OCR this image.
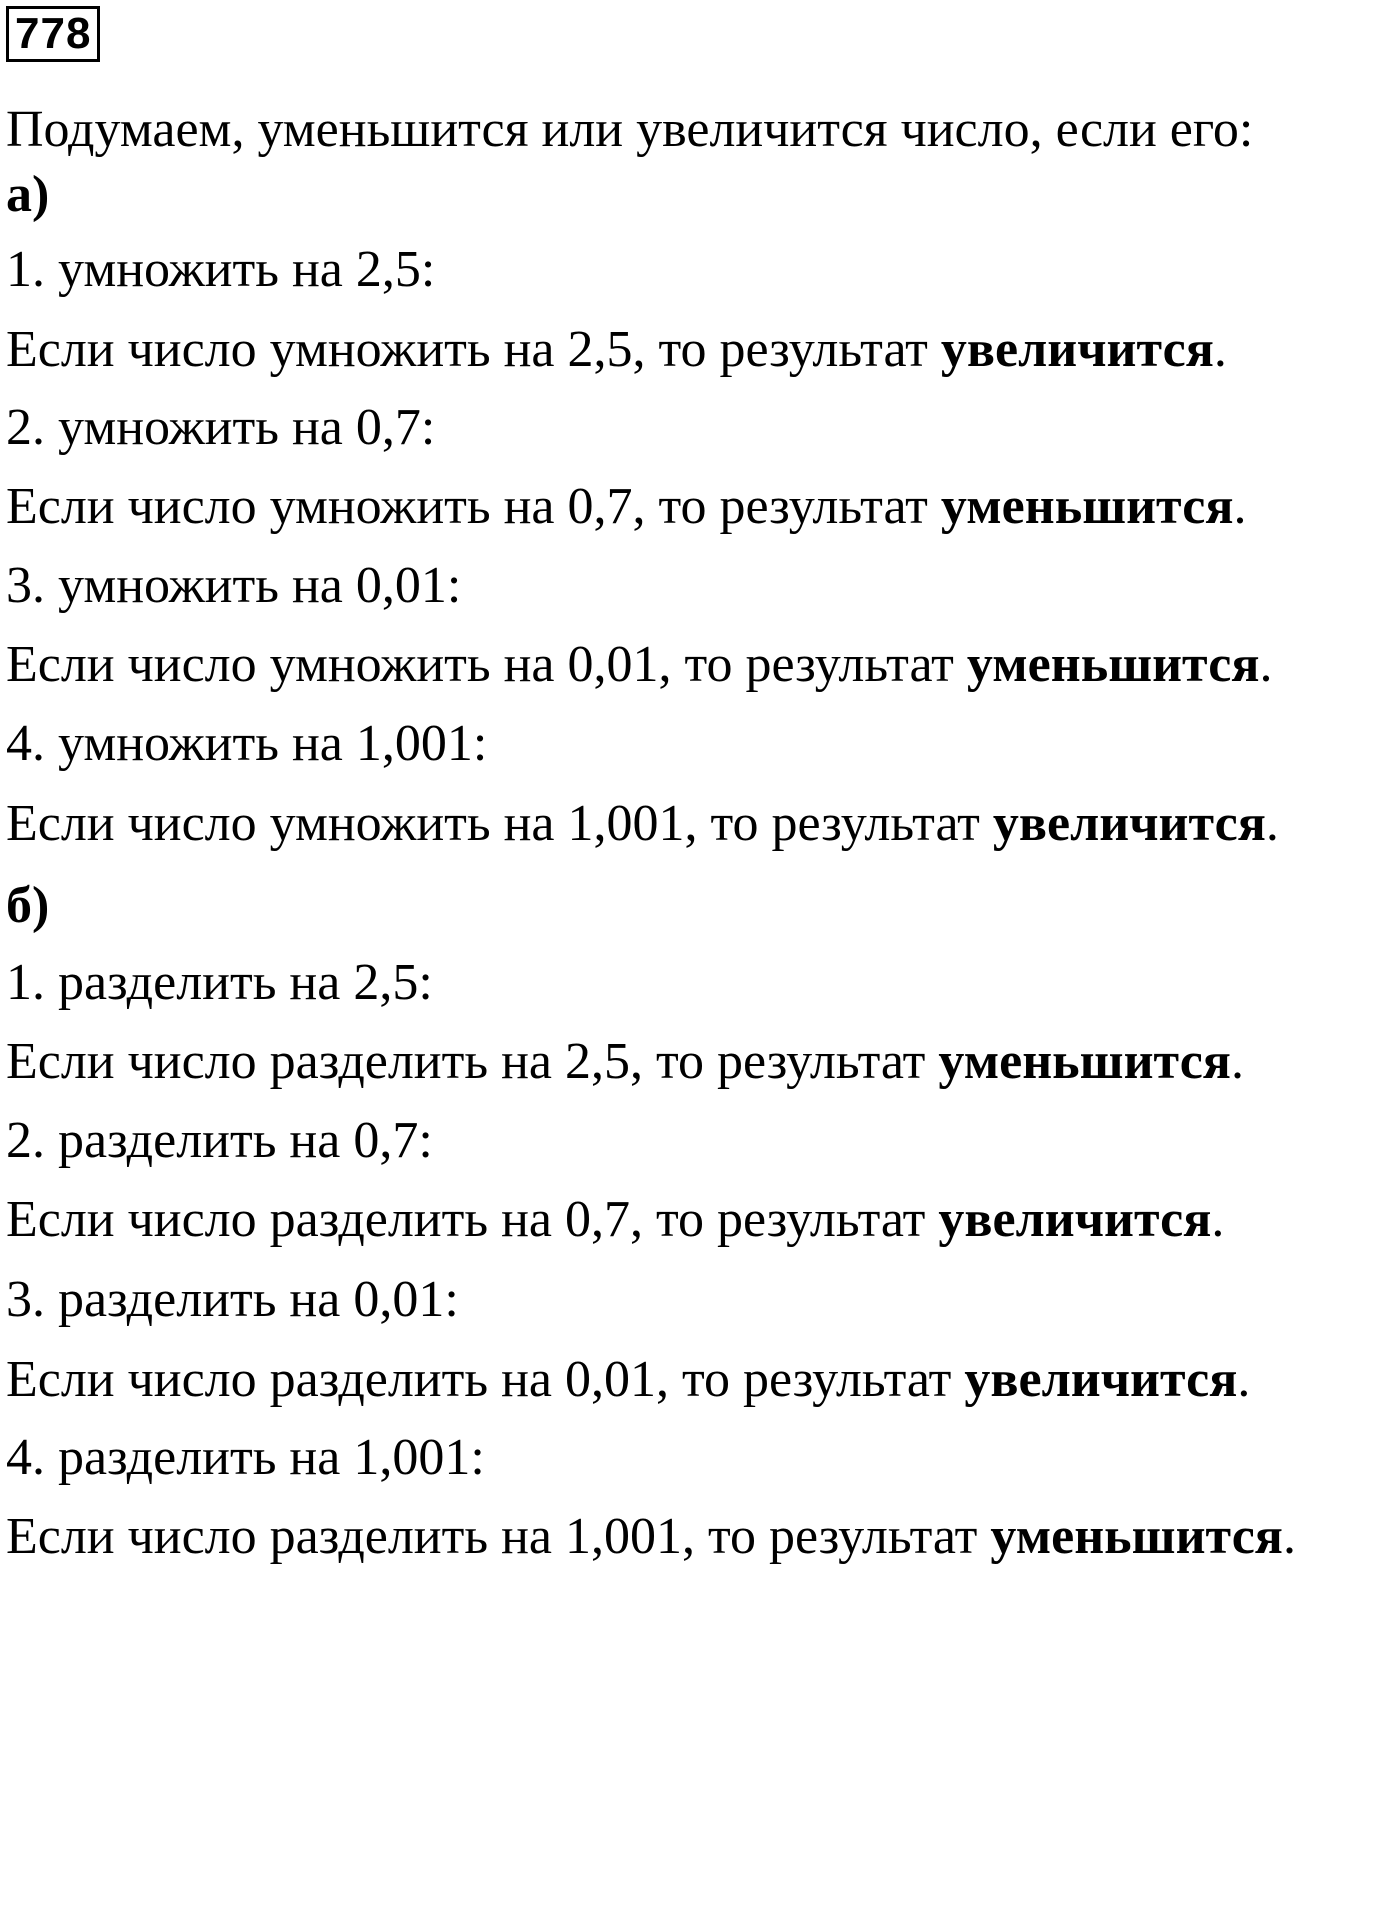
778
Подумаем, уменьшится или увеличится число, если его:
а)
1. умножить на 2,5:
Если число умножить на 2,5, то результат увеличится.
2. умножить на 0,7:
Если число умножить на 0,7, то результат уменьшится.
3. умножить на 0,01:
Если число умножить на 0,01, то результат уменьшится.
4. умножить на 1,001:
Если число умножить на 1,001, то результат увеличится.
б)
1. разделить на 2,5:
Если число разделить на 2,5, то результат уменьшится.
2. разделить на 0,7:
Если число разделить на 0,7, то результат увеличится.
3. разделить на 0,01:
Если число разделить на 0,01, то результат увеличится.
4. разделить на 1,001:
Если число разделить на 1,001, то результат уменьшится.
